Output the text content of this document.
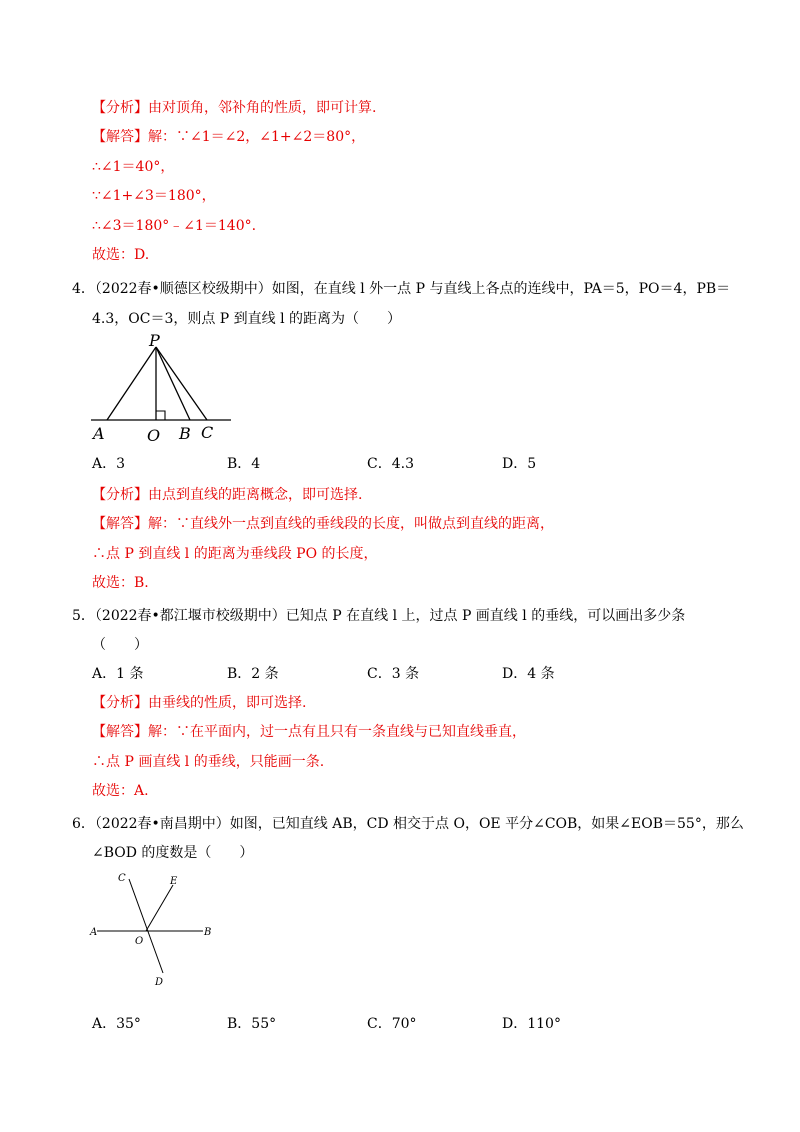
【分析】由对顶角，邻补角的性质，即可计算.
【解答】解：∵∠1＝∠2，∠1+∠2＝80°，
∴∠1＝40°，
∵∠1+∠3＝180°，
∴∠3＝180°﹣∠1＝140°.
故选：D.
4．（2022春•顺德区校级期中）如图，在直线 l 外一点 P 与直线上各点的连线中，PA＝5，PO＝4，PB＝
4.3，OC＝3，则点 P 到直线 l 的距离为（　　）
P
A	O B C
A．3	B．4	C．4.3	D．5
【分析】由点到直线的距离概念，即可选择.
【解答】解：∵直线外一点到直线的垂线段的长度，叫做点到直线的距离，
∴点 P 到直线 l 的距离为垂线段 PO 的长度，
故选：B.
5．（2022春•都江堰市校级期中）已知点 P 在直线 l 上，过点 P 画直线 l 的垂线，可以画出多少条
（　　）
A．1 条	B．2 条	C．3 条	D．4 条
【分析】由垂线的性质，即可选择.
【解答】解：∵在平面内，过一点有且只有一条直线与已知直线垂直，
∴点 P 画直线 l 的垂线，只能画一条.
故选：A.
6．（2022春•南昌期中）如图，已知直线 AB，CD 相交于点 O，OE 平分∠COB，如果∠EOB＝55°，那么
∠BOD 的度数是（　　）
C	E
A
O
B
D
A．35°	B．55°	C．70°	D．110°
